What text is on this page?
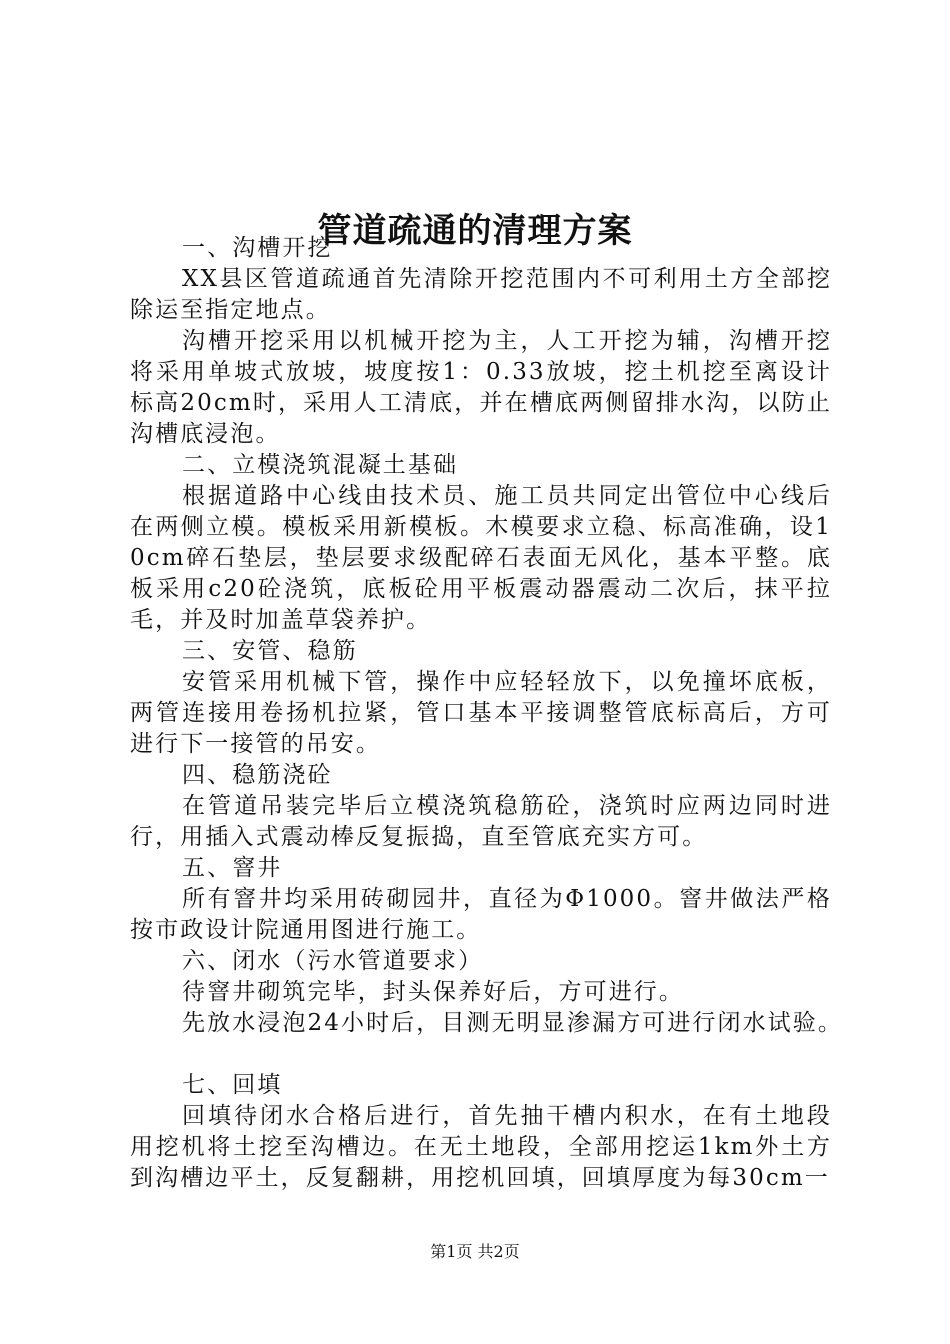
管道疏通的清理方案

一、沟槽开挖

XX县区管道疏通首先清除开挖范围内不可利用土方全部挖除运至指定地点。

沟槽开挖采用以机械开挖为主，人工开挖为辅，沟槽开挖将采用单坡式放坡，坡度按1：0.33放坡，挖土机挖至离设计标高20cm时，采用人工清底，并在槽底两侧留排水沟，以防止沟槽底浸泡。

二、立模浇筑混凝土基础

根据道路中心线由技术员、施工员共同定出管位中心线后在两侧立模。模板采用新模板。木模要求立稳、标高准确，设10cm碎石垫层，垫层要求级配碎石表面无风化，基本平整。底板采用c20砼浇筑，底板砼用平板震动器震动二次后，抹平拉毛，并及时加盖草袋养护。

三、安管、稳筋

安管采用机械下管，操作中应轻轻放下，以免撞坏底板，两管连接用卷扬机拉紧，管口基本平接调整管底标高后，方可进行下一接管的吊安。

四、稳筋浇砼

在管道吊装完毕后立模浇筑稳筋砼，浇筑时应两边同时进行，用插入式震动棒反复振捣，直至管底充实方可。

五、窨井

所有窨井均采用砖砌园井，直径为Φ1000。窨井做法严格按市政设计院通用图进行施工。

六、闭水（污水管道要求）

待窨井砌筑完毕，封头保养好后，方可进行。

先放水浸泡24小时后，目测无明显渗漏方可进行闭水试验。

七、回填

回填待闭水合格后进行，首先抽干槽内积水，在有土地段用挖机将土挖至沟槽边。在无土地段，全部用挖运1km外土方到沟槽边平土，反复翻耕，用挖机回填，回填厚度为每30cm一

第1页 共2页
